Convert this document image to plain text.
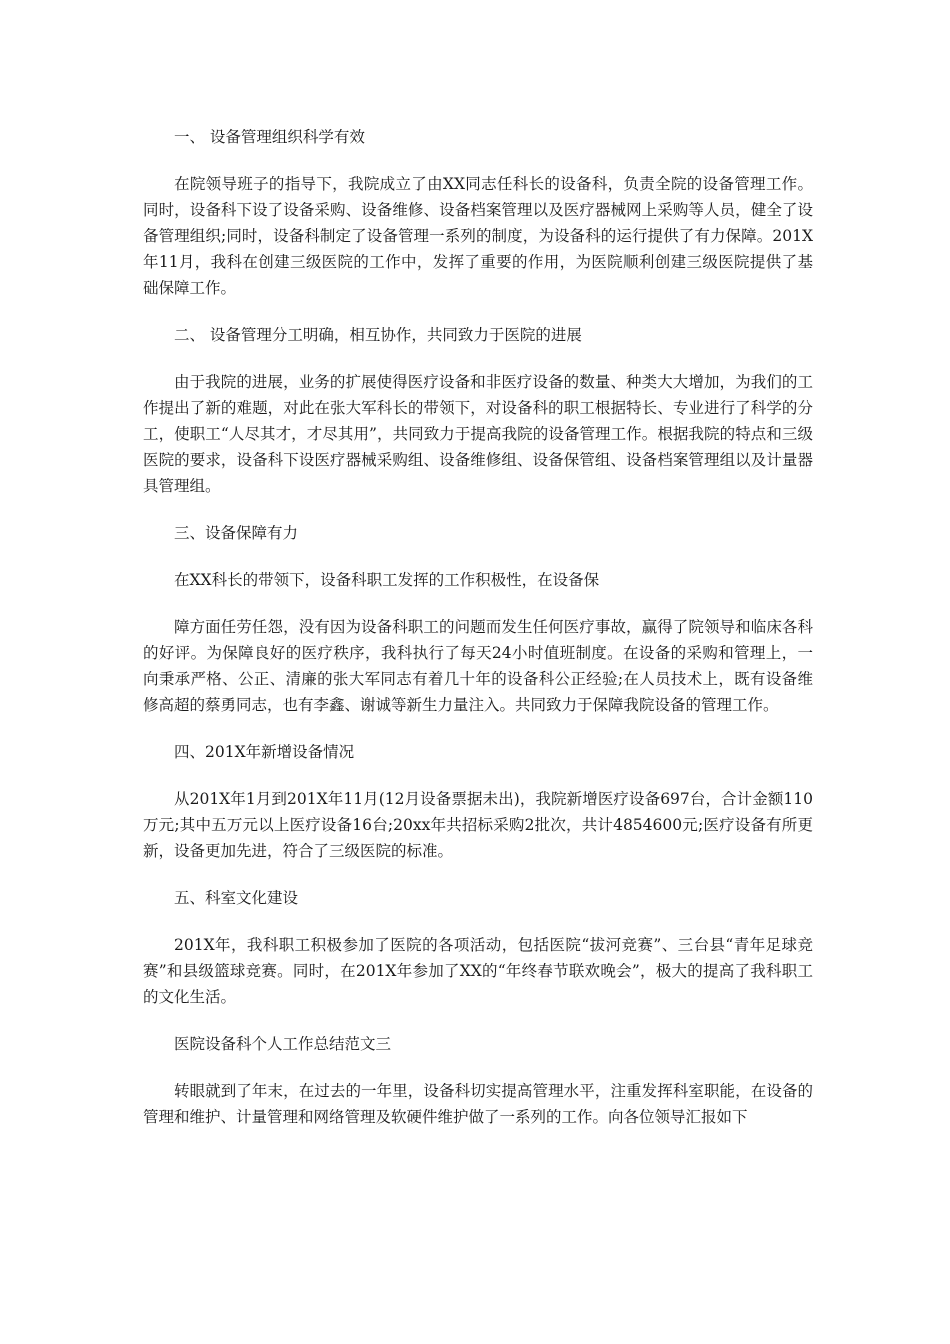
一、 设备管理组织科学有效

在院领导班子的指导下，我院成立了由XX同志任科长的设备科，负责全院的设备管理工作。同时，设备科下设了设备采购、设备维修、设备档案管理以及医疗器械网上采购等人员，健全了设备管理组织;同时，设备科制定了设备管理一系列的制度，为设备科的运行提供了有力保障。201X年11月，我科在创建三级医院的工作中，发挥了重要的作用，为医院顺利创建三级医院提供了基础保障工作。

二、 设备管理分工明确，相互协作，共同致力于医院的进展

由于我院的进展，业务的扩展使得医疗设备和非医疗设备的数量、种类大大增加，为我们的工作提出了新的难题，对此在张大军科长的带领下，对设备科的职工根据特长、专业进行了科学的分工，使职工“人尽其才，才尽其用”，共同致力于提高我院的设备管理工作。根据我院的特点和三级医院的要求，设备科下设医疗器械采购组、设备维修组、设备保管组、设备档案管理组以及计量器具管理组。

三、设备保障有力

在XX科长的带领下，设备科职工发挥的工作积极性，在设备保

障方面任劳任怨，没有因为设备科职工的问题而发生任何医疗事故，赢得了院领导和临床各科的好评。为保障良好的医疗秩序，我科执行了每天24小时值班制度。在设备的采购和管理上，一向秉承严格、公正、清廉的张大军同志有着几十年的设备科公正经验;在人员技术上，既有设备维修高超的蔡勇同志，也有李鑫、谢诚等新生力量注入。共同致力于保障我院设备的管理工作。

四、201X年新增设备情况

从201X年1月到201X年11月(12月设备票据未出)，我院新增医疗设备697台，合计金额110万元;其中五万元以上医疗设备16台;20xx年共招标采购2批次，共计4854600元;医疗设备有所更新，设备更加先进，符合了三级医院的标准。

五、科室文化建设

201X年，我科职工积极参加了医院的各项活动，包括医院“拔河竞赛”、三台县“青年足球竞赛”和县级篮球竞赛。同时，在201X年参加了XX的“年终春节联欢晚会”，极大的提高了我科职工的文化生活。

医院设备科个人工作总结范文三

转眼就到了年末，在过去的一年里，设备科切实提高管理水平，注重发挥科室职能，在设备的管理和维护、计量管理和网络管理及软硬件维护做了一系列的工作。向各位领导汇报如下
